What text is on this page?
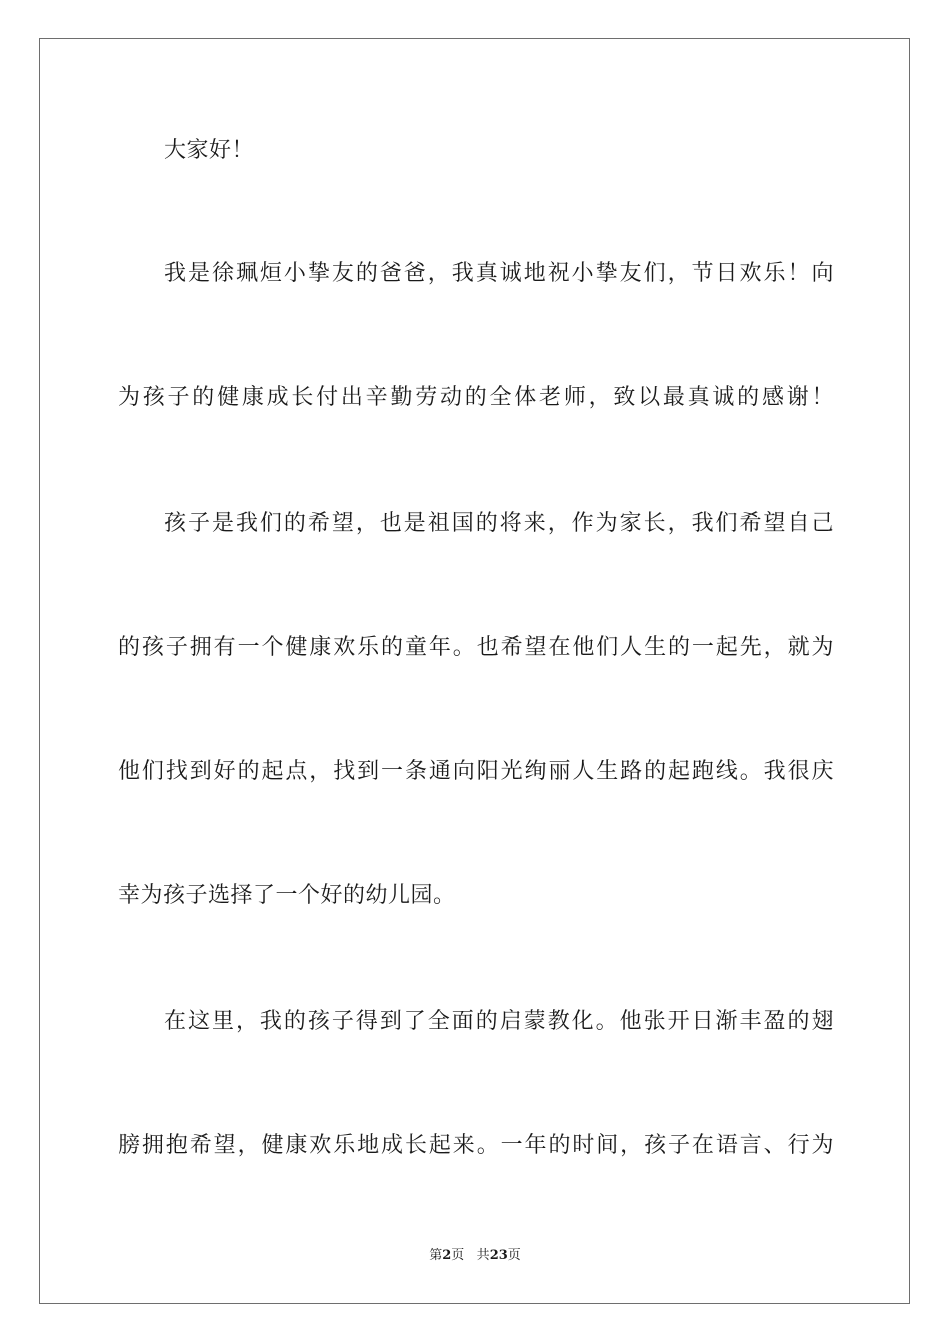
大家好！
我是徐珮烜小挚友的爸爸，我真诚地祝小挚友们，节日欢乐！向
为孩子的健康成长付出辛勤劳动的全体老师，致以最真诚的感谢！
孩子是我们的希望，也是祖国的将来，作为家长，我们希望自己
的孩子拥有一个健康欢乐的童年。也希望在他们人生的一起先，就为
他们找到好的起点，找到一条通向阳光绚丽人生路的起跑线。我很庆
幸为孩子选择了一个好的幼儿园。
在这里，我的孩子得到了全面的启蒙教化。他张开日渐丰盈的翅
膀拥抱希望，健康欢乐地成长起来。一年的时间，孩子在语言、行为
第2页 共23页
